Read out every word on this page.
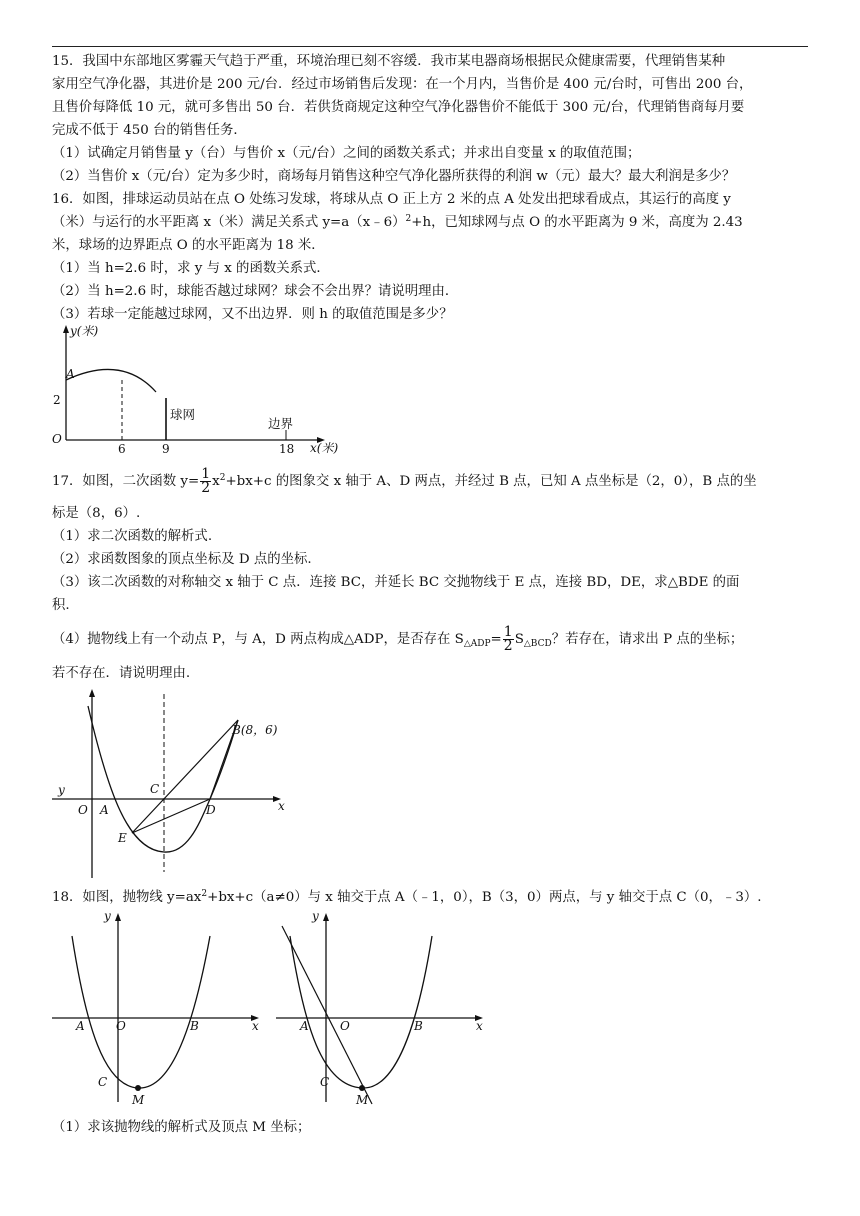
15．我国中东部地区雾霾天气趋于严重，环境治理已刻不容缓．我市某电器商场根据民众健康需要，代理销售某种
家用空气净化器，其进价是 200 元/台．经过市场销售后发现：在一个月内，当售价是 400 元/台时，可售出 200 台，
且售价每降低 10 元，就可多售出 50 台．若供货商规定这种空气净化器售价不能低于 300 元/台，代理销售商每月要
完成不低于 450 台的销售任务．
（1）试确定月销售量 y（台）与售价 x（元/台）之间的函数关系式；并求出自变量 x 的取值范围；
（2）当售价 x（元/台）定为多少时，商场每月销售这种空气净化器所获得的利润 w（元）最大？最大利润是多少？
16．如图，排球运动员站在点 O 处练习发球，将球从点 O 正上方 2 米的点 A 处发出把球看成点，其运行的高度 y
（米）与运行的水平距离 x（米）满足关系式 y=a（x﹣6）$^2$+h，已知球网与点 O 的水平距离为 9 米，高度为 2.43
米，球场的边界距点 O 的水平距离为 18 米．
（1）当 h=2.6 时，求 y 与 x 的函数关系式．
（2）当 h=2.6 时，球能否越过球网？球会不会出界？请说明理由．
（3）若球一定能越过球网，又不出边界．则 h 的取值范围是多少？
y(米)
x(米)
O
A
2
6	9	18
球网
边界
17．如图，二次函数 $y= \frac{1}{2} x^2+bx+c$ 的图象交 x 轴于 A、D 两点，并经过 B 点，已知 A 点坐标是（2，0），B 点的坐
标是（8，6）.
（1）求二次函数的解析式.
（2）求函数图象的顶点坐标及 D 点的坐标.
（3）该二次函数的对称轴交 x 轴于 C 点．连接 BC，并延长 BC 交抛物线于 E 点，连接 BD，DE，求△BDE 的面
积.
（4）抛物线上有一个动点 P，与 A，D 两点构成△ADP，是否存在 $S_{\triangle ADP}= \frac{1}{2} S_{\triangle BCD}$？若存在，请求出 P 点的坐标；
若不存在．请说明理由.
y
x
O A
C
D
E
B(8，6)
18．如图，抛物线 $y=ax^2+bx+c(a\ne 0)$与 x 轴交于点 A（﹣1，0），B（3，0）两点，与 y 轴交于点 C（0，﹣3）.
y
x
A	O	B
C
M
y
x
A	O	B
C
M
（1）求该抛物线的解析式及顶点 M 坐标；
